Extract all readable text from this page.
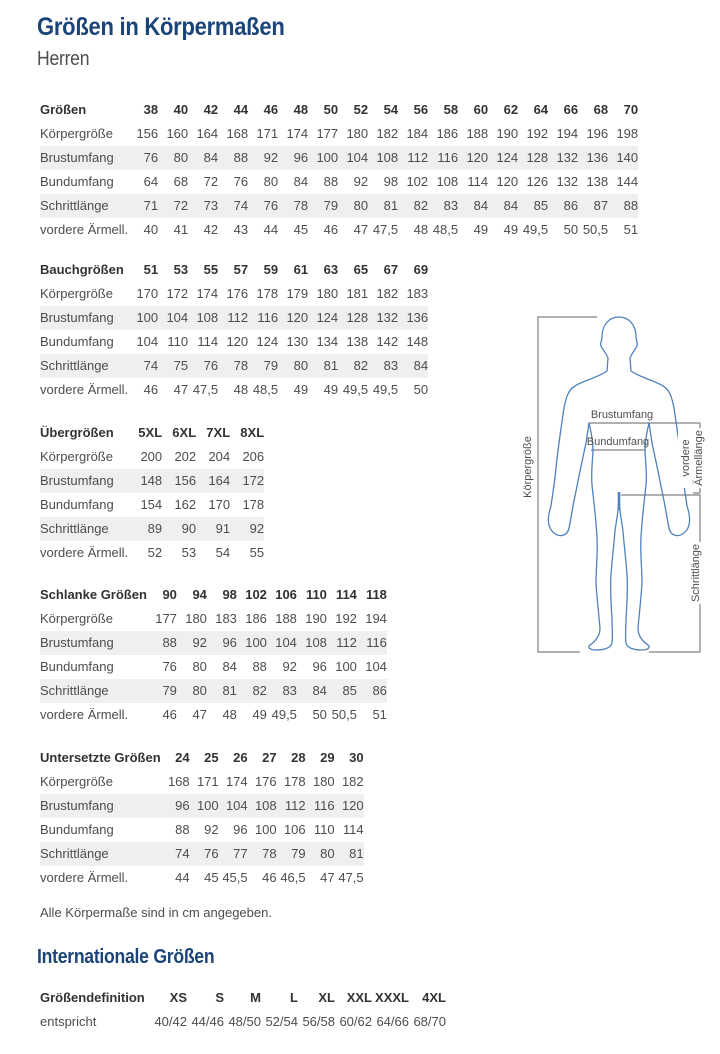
Größen in Körpermaßen
Herren
Größen	38	40	42	44	46	48	50	52	54	56	58	60	62	64	66	68	70
Körpergröße	156	160	164	168	171	174	177	180	182	184	186	188	190	192	194	196	198
Brustumfang	76	80	84	88	92	96	100	104	108	112	116	120	124	128	132	136	140
Bundumfang	64	68	72	76	80	84	88	92	98	102	108	114	120	126	132	138	144
Schrittlänge	71	72	73	74	76	78	79	80	81	82	83	84	84	85	86	87	88
vordere Ärmell.	40	41	42	43	44	45	46	47	47,5	48	48,5	49	49	49,5	50	50,5	51
Bauchgrößen	51	53	55	57	59	61	63	65	67	69
Körpergröße	170	172	174	176	178	179	180	181	182	183
Brustumfang	100	104	108	112	116	120	124	128	132	136
Bundumfang	104	110	114	120	124	130	134	138	142	148
Schrittlänge	74	75	76	78	79	80	81	82	83	84
vordere Ärmell.	46	47	47,5	48	48,5	49	49	49,5	49,5	50
Übergrößen	5XL	6XL	7XL	8XL
Körpergröße	200	202	204	206
Brustumfang	148	156	164	172
Bundumfang	154	162	170	178
Schrittlänge	89	90	91	92
vordere Ärmell.	52	53	54	55
Schlanke Größen	90	94	98	102	106	110	114	118
Körpergröße	177	180	183	186	188	190	192	194
Brustumfang	88	92	96	100	104	108	112	116
Bundumfang	76	80	84	88	92	96	100	104
Schrittlänge	79	80	81	82	83	84	85	86
vordere Ärmell.	46	47	48	49	49,5	50	50,5	51
Untersetzte Größen	24	25	26	27	28	29	30
Körpergröße	168	171	174	176	178	180	182
Brustumfang	96	100	104	108	112	116	120
Bundumfang	88	92	96	100	106	110	114
Schrittlänge	74	76	77	78	79	80	81
vordere Ärmell.	44	45	45,5	46	46,5	47	47,5
Alle Körpermaße sind in cm angegeben.
Internationale Größen
Größendefinition	XS	S	M	L	XL	XXL	XXXL	4XL
entspricht	40/42	44/46	48/50	52/54	56/58	60/62	64/66	68/70
Brustumfang
Bundumfang
Körpergröße	vordere Ärmellänge
Schrittlänge
